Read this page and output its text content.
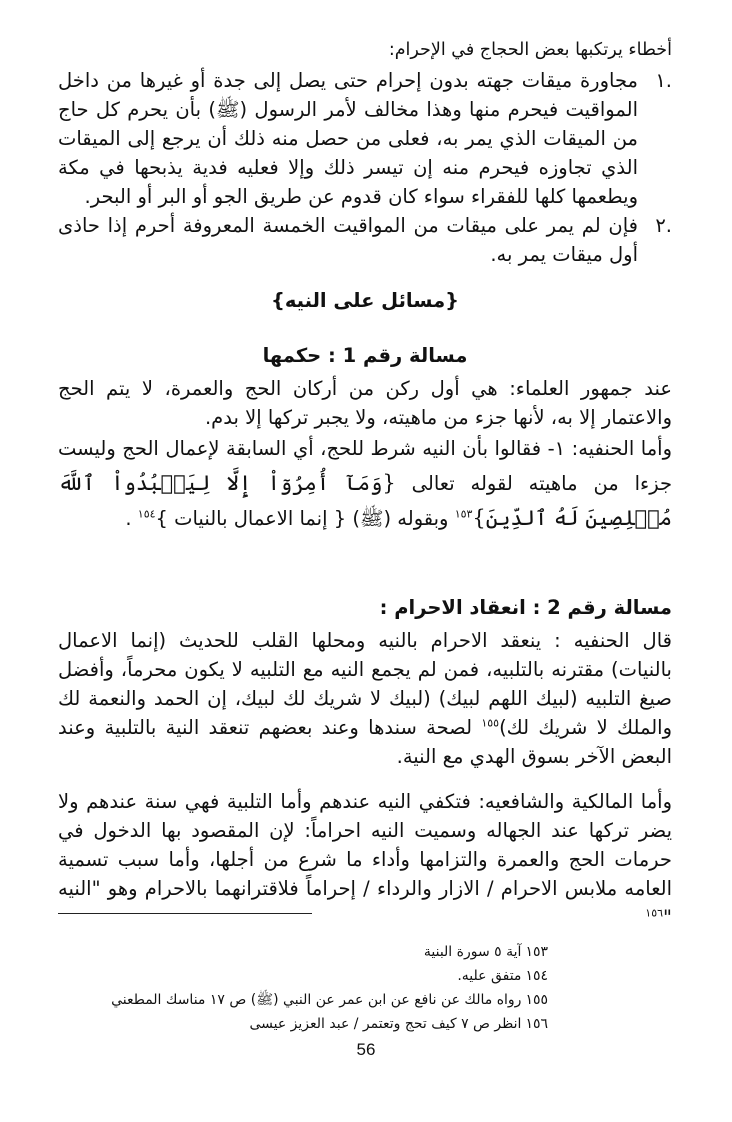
أخطاء يرتكبها بعض الحجاج في الإحرام:

.١
مجاورة ميقات جهته بدون إحرام حتى يصل إلى جدة أو غيرها من داخل المواقيت فيحرم منها وهذا مخالف لأمر الرسول (ﷺ) بأن يحرم كل حاج من الميقات الذي يمر به، فعلى من حصل منه ذلك أن يرجع إلى الميقات الذي تجاوزه فيحرم منه إن تيسر ذلك وإلا فعليه فدية يذبحها في مكة ويطعمها كلها للفقراء سواء كان قدوم عن طريق الجو أو البر أو البحر.
.٢
فإن لم يمر على ميقات من المواقيت الخمسة المعروفة أحرم إذا حاذى أول ميقات يمر به.

{مسائل على النيه}

مسالة رقم 1 : حكمها

عند جمهور العلماء: هي أول ركن من أركان الحج والعمرة، لا يتم الحج والاعتمار إلا به، لأنها جزء من ماهيته، ولا يجبر تركها إلا بدم.

وأما الحنفيه: ١- فقالوا بأن النيه شرط للحج، أي السابقة لإعمال الحج وليست جزءا من ماهيته لقوله تعالى {وَمَآ أُمِرُوٓاْ إِلَّا لِيَعۡبُدُواْ ٱللَّهَ مُخۡلِصِينَ لَهُ ٱلدِّينَ}$^{١٥٣}$ وبقوله (ﷺ) { إنما الاعمال بالنيات }$^{١٥٤}$ .

مسالة رقم 2 : انعقاد الاحرام :

قال الحنفيه : ينعقد الاحرام بالنيه ومحلها القلب للحديث (إنما الاعمال بالنيات) مقترنه بالتلبيه، فمن لم يجمع النيه مع التلبيه لا يكون محرماً، وأفضل صيغ التلبيه (لبيك اللهم لبيك) (لبيك لا شريك لك لبيك، إن الحمد والنعمة لك والملك لا شريك لك)$^{١٥٥}$ لصحة سندها وعند بعضهم تنعقد النية بالتلبية وعند البعض الآخر بسوق الهدي مع النية.

وأما المالكية والشافعيه: فتكفي النيه عندهم وأما التلبية فهي سنة عندهم ولا يضر تركها عند الجهاله وسميت النيه احراماً: لإن المقصود بها الدخول في حرمات الحج والعمرة والتزامها وأداء ما شرع من أجلها، وأما سبب تسمية العامه ملابس الاحرام / الازار والرداء / إحراماً فلاقترانهما بالاحرام وهو "النيه "$^{١٥٦}$

١٥٣آية ٥ سورة البنية

١٥٤متفق عليه.

١٥٥رواه مالك عن نافع عن ابن عمر عن النبي (ﷺ) ص ١٧ مناسك المطعني

١٥٦انظر ص ٧ كيف تحج وتعتمر / عبد العزيز عيسى

56
